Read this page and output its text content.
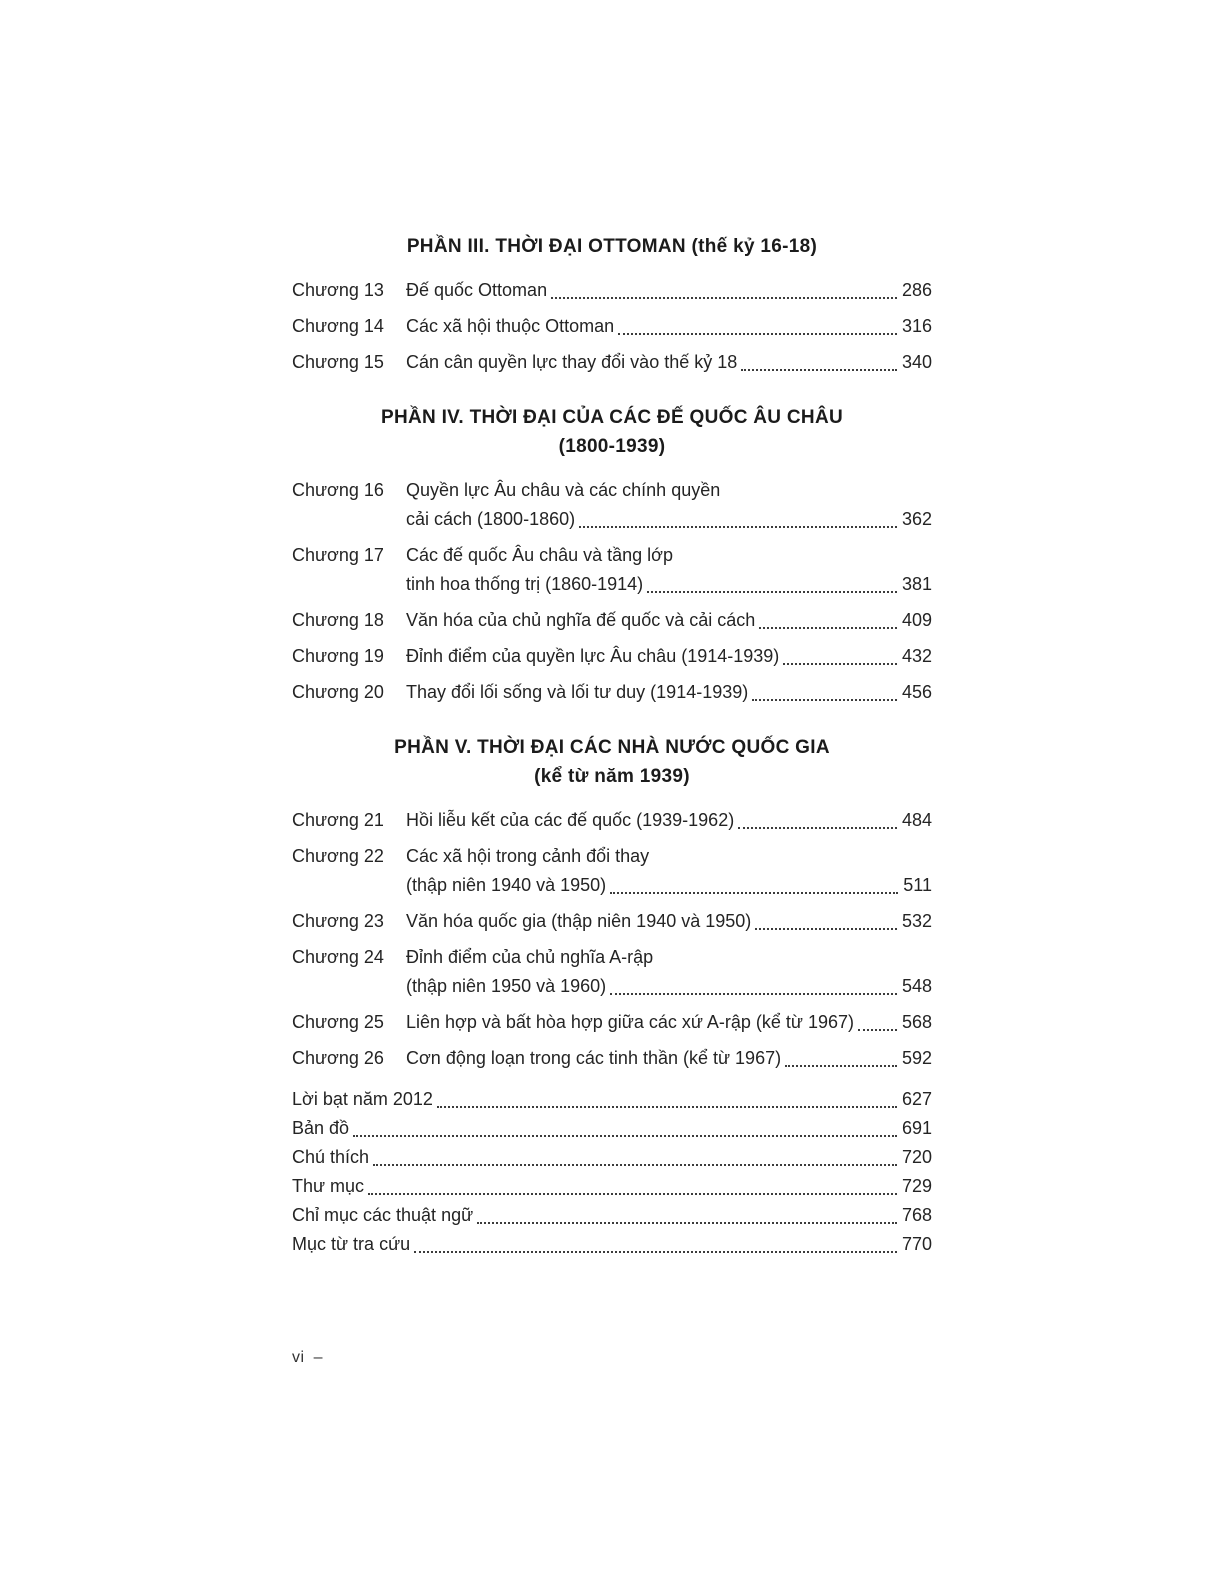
PHẦN III. THỜI ĐẠI OTTOMAN (thế kỷ 16-18)
Chương 13	Đế quốc Ottoman	286
Chương 14	Các xã hội thuộc Ottoman	316
Chương 15	Cán cân quyền lực thay đổi vào thế kỷ 18	340
PHẦN IV. THỜI ĐẠI CỦA CÁC ĐẾ QUỐC ÂU CHÂU
(1800-1939)
Chương 16	Quyền lực Âu châu và các chính quyền
cải cách (1800-1860)	362
Chương 17	Các đế quốc Âu châu và tầng lớp
tinh hoa thống trị (1860-1914)	381
Chương 18	Văn hóa của chủ nghĩa đế quốc và cải cách	409
Chương 19	Đỉnh điểm của quyền lực Âu châu (1914-1939)	432
Chương 20	Thay đổi lối sống và lối tư duy (1914-1939)	456
PHẦN V. THỜI ĐẠI CÁC NHÀ NƯỚC QUỐC GIA
(kể từ năm 1939)
Chương 21	Hồi liễu kết của các đế quốc (1939-1962)	484
Chương 22	Các xã hội trong cảnh đổi thay
(thập niên 1940 và 1950)	511
Chương 23	Văn hóa quốc gia (thập niên 1940 và 1950)	532
Chương 24	Đỉnh điểm của chủ nghĩa A-rập
(thập niên 1950 và 1960)	548
Chương 25	Liên hợp và bất hòa hợp giữa các xứ A-rập (kể từ 1967)	568
Chương 26	Cơn động loạn trong các tinh thần (kể từ 1967)	592
Lời bạt năm 2012	627
Bản đồ	691
Chú thích	720
Thư mục	729
Chỉ mục các thuật ngữ	768
Mục từ tra cứu	770
vi –
